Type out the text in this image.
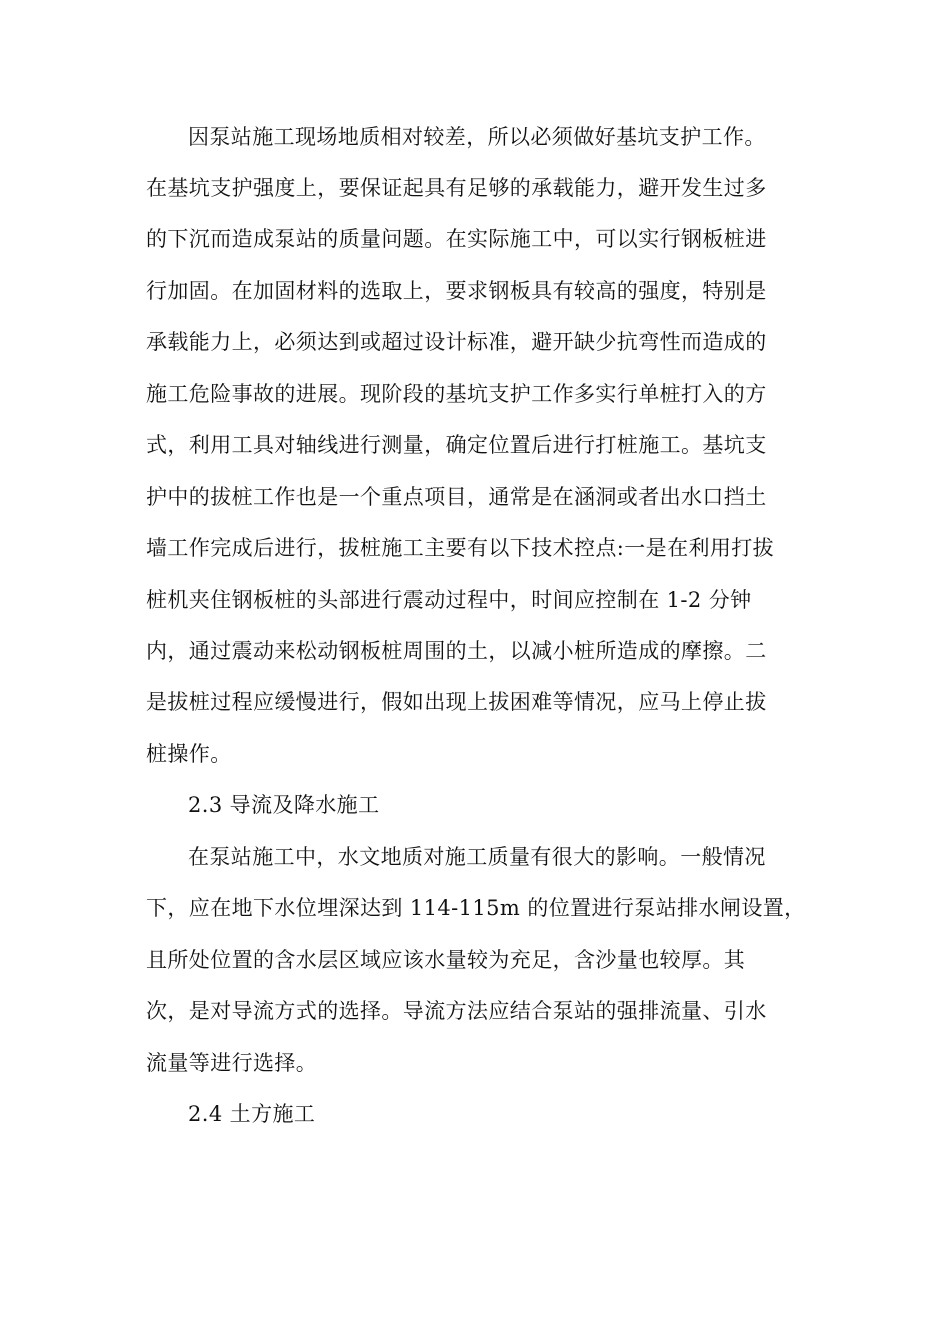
因泵站施工现场地质相对较差，所以必须做好基坑支护工作。
在基坑支护强度上，要保证起具有足够的承载能力，避开发生过多
的下沉而造成泵站的质量问题。在实际施工中，可以实行钢板桩进
行加固。在加固材料的选取上，要求钢板具有较高的强度，特别是
承载能力上，必须达到或超过设计标准，避开缺少抗弯性而造成的
施工危险事故的进展。现阶段的基坑支护工作多实行单桩打入的方
式，利用工具对轴线进行测量，确定位置后进行打桩施工。基坑支
护中的拔桩工作也是一个重点项目，通常是在涵洞或者出水口挡土
墙工作完成后进行，拔桩施工主要有以下技术控点:一是在利用打拔
桩机夹住钢板桩的头部进行震动过程中，时间应控制在 1-2 分钟
内，通过震动来松动钢板桩周围的土，以减小桩所造成的摩擦。二
是拔桩过程应缓慢进行，假如出现上拔困难等情况，应马上停止拔
桩操作。
2.3 导流及降水施工
在泵站施工中，水文地质对施工质量有很大的影响。一般情况
下，应在地下水位埋深达到 114-115m 的位置进行泵站排水闸设置，
且所处位置的含水层区域应该水量较为充足，含沙量也较厚。其
次，是对导流方式的选择。导流方法应结合泵站的强排流量、引水
流量等进行选择。
2.4 土方施工
